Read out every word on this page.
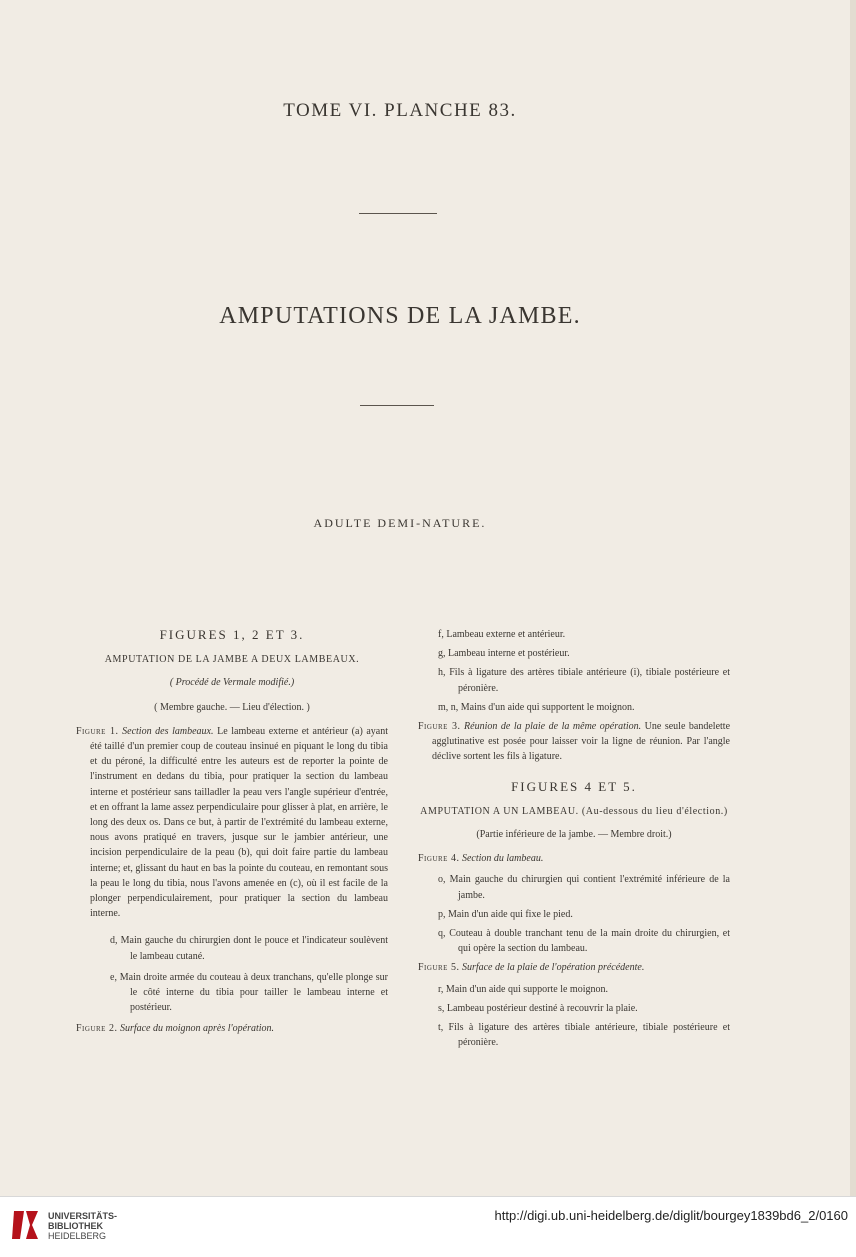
TOME VI. PLANCHE 83.
AMPUTATIONS DE LA JAMBE.
ADULTE DEMI-NATURE.
FIGURES 1, 2 ET 3.
AMPUTATION DE LA JAMBE A DEUX LAMBEAUX.
( Procédé de Vermale modifié.)
( Membre gauche. — Lieu d'élection. )
Figure 1. Section des lambeaux. Le lambeau externe et antérieur (a) ayant été taillé d'un premier coup de couteau insinué en piquant le long du tibia et du péroné, la difficulté entre les auteurs est de reporter la pointe de l'instrument en dedans du tibia, pour pratiquer la section du lambeau interne et postérieur sans tailladler la peau vers l'angle supérieur d'entrée, et en offrant la lame assez perpendiculaire pour glisser à plat, en arrière, le long des deux os. Dans ce but, à partir de l'extrémité du lambeau externe, nous avons pratiqué en travers, jusque sur le jambier antérieur, une incision perpendiculaire de la peau (b), qui doit faire partie du lambeau interne; et, glissant du haut en bas la pointe du couteau, en remontant sous la peau le long du tibia, nous l'avons amenée en (c), où il est facile de la plonger perpendiculairement, pour pratiquer la section du lambeau interne.
d, Main gauche du chirurgien dont le pouce et l'indicateur soulèvent le lambeau cutané.
e, Main droite armée du couteau à deux tranchans, qu'elle plonge sur le côté interne du tibia pour tailler le lambeau interne et postérieur.
Figure 2. Surface du moignon après l'opération.
f, Lambeau externe et antérieur.
g, Lambeau interne et postérieur.
h, Fils à ligature des artères tibiale antérieure (i), tibiale postérieure et péronière.
m, n, Mains d'un aide qui supportent le moignon.
Figure 3. Réunion de la plaie de la même opération. Une seule bandelette agglutinative est posée pour laisser voir la ligne de réunion. Par l'angle déclive sortent les fils à ligature.
FIGURES 4 ET 5.
AMPUTATION A UN LAMBEAU. (Au-dessous du lieu d'élection.)
(Partie inférieure de la jambe. — Membre droit.)
Figure 4. Section du lambeau.
o, Main gauche du chirurgien qui contient l'extrémité inférieure de la jambe.
p, Main d'un aide qui fixe le pied.
q, Couteau à double tranchant tenu de la main droite du chirurgien, et qui opère la section du lambeau.
Figure 5. Surface de la plaie de l'opération précédente.
r, Main d'un aide qui supporte le moignon.
s, Lambeau postérieur destiné à recouvrir la plaie.
t, Fils à ligature des artères tibiale antérieure, tibiale postérieure et péronière.
UNIVERSITÄTS-
BIBLIOTHEK
HEIDELBERG
http://digi.ub.uni-heidelberg.de/diglit/bourgey1839bd6_2/0160
